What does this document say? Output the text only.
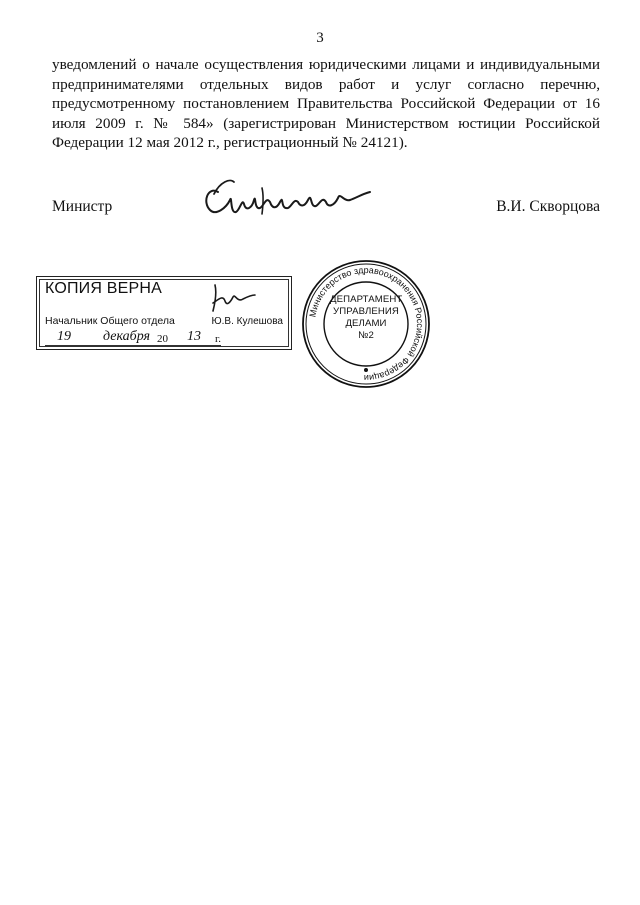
3

уведомлений о начале осуществления юридическими лицами и индивидуальными предпринимателями отдельных видов работ и услуг согласно перечню, предусмотренному постановлением Правительства Российской Федерации от 16 июля 2009 г. № 584» (зарегистрирован Министерством юстиции Российской Федерации 12 мая 2012 г., регистрационный № 24121).

Министр	В.И. Скворцова
КОПИЯ ВЕРНА
Начальник Общего отдела	Ю.В. Кулешова
19 декабря 20 13 г.
Министерство здравоохранения Российской Федерации
ДЕПАРТАМЕНТ
УПРАВЛЕНИЯ
ДЕЛАМИ
№2
